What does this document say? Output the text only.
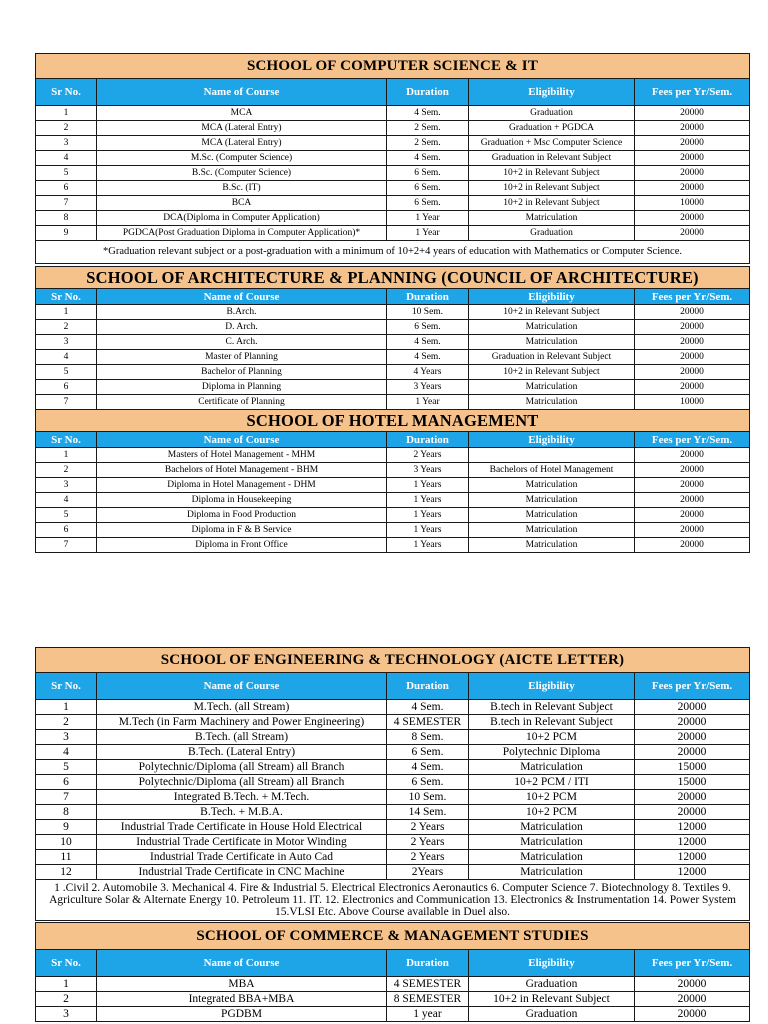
SCHOOL OF COMPUTER SCIENCE & IT				
Sr No.	Name of Course	Duration	Eligibility	Fees per Yr/Sem.
1	MCA	4 Sem.	Graduation	20000
2	MCA (Lateral Entry)	2 Sem.	Graduation + PGDCA	20000
3	MCA (Lateral Entry)	2 Sem.	Graduation + Msc Computer Science	20000
4	M.Sc. (Computer Science)	4 Sem.	Graduation in Relevant Subject	20000
5	B.Sc. (Computer Science)	6 Sem.	10+2 in Relevant Subject	20000
6	B.Sc. (IT)	6 Sem.	10+2 in Relevant Subject	20000
7	BCA	6 Sem.	10+2 in Relevant Subject	10000
8	DCA(Diploma in Computer Application)	1 Year	Matriculation	20000
9	PGDCA(Post Graduation Diploma in Computer Application)*	1 Year	Graduation	20000
*Graduation relevant subject or a post-graduation with a minimum of 10+2+4 years of education with Mathematics or Computer Science.				
SCHOOL OF ARCHITECTURE & PLANNING (COUNCIL OF ARCHITECTURE)				
Sr No.	Name of Course	Duration	Eligibility	Fees per Yr/Sem.
1	B.Arch.	10 Sem.	10+2 in Relevant Subject	20000
2	D. Arch.	6 Sem.	Matriculation	20000
3	C. Arch.	4 Sem.	Matriculation	20000
4	Master of Planning	4 Sem.	Graduation in Relevant Subject	20000
5	Bachelor of Planning	4 Years	10+2 in Relevant Subject	20000
6	Diploma in Planning	3 Years	Matriculation	20000
7	Certificate of Planning	1 Year	Matriculation	10000
SCHOOL OF HOTEL MANAGEMENT				
Sr No.	Name of Course	Duration	Eligibility	Fees per Yr/Sem.
1	Masters of Hotel Management - MHM	2 Years		20000
2	Bachelors of Hotel Management - BHM	3 Years	Bachelors of Hotel Management	20000
3	Diploma in Hotel Management - DHM	1 Years	Matriculation	20000
4	Diploma in Housekeeping	1 Years	Matriculation	20000
5	Diploma in Food Production	1 Years	Matriculation	20000
6	Diploma in F & B Service	1 Years	Matriculation	20000
7	Diploma in Front Office	1 Years	Matriculation	20000
SCHOOL OF ENGINEERING & TECHNOLOGY (AICTE LETTER)				
Sr No.	Name of Course	Duration	Eligibility	Fees per Yr/Sem.
1	M.Tech. (all Stream)	4 Sem.	B.tech in Relevant Subject	20000
2	M.Tech (in Farm Machinery and Power Engineering)	4 SEMESTER	B.tech in Relevant Subject	20000
3	B.Tech. (all Stream)	8 Sem.	10+2 PCM	20000
4	B.Tech. (Lateral Entry)	6 Sem.	Polytechnic Diploma	20000
5	Polytechnic/Diploma (all Stream) all Branch	4 Sem.	Matriculation	15000
6	Polytechnic/Diploma (all Stream) all Branch	6 Sem.	10+2 PCM / ITI	15000
7	Integrated B.Tech. + M.Tech.	10 Sem.	10+2 PCM	20000
8	B.Tech. + M.B.A.	14 Sem.	10+2 PCM	20000
9	Industrial Trade Certificate in House Hold Electrical	2 Years	Matriculation	12000
10	Industrial Trade Certificate in Motor Winding	2 Years	Matriculation	12000
11	Industrial Trade Certificate in Auto Cad	2 Years	Matriculation	12000
12	Industrial Trade Certificate in CNC Machine	2Years	Matriculation	12000
1 .Civil 2. Automobile 3. Mechanical 4. Fire & Industrial 5. Electrical Electronics Aeronautics 6. Computer Science 7. Biotechnology 8. Textiles 9. Agriculture Solar & Alternate Energy 10. Petroleum 11. IT. 12. Electronics and Communication 13. Electronics & Instrumentation 14. Power System 15.VLSI Etc. Above Course available in Duel also.				
SCHOOL OF COMMERCE & MANAGEMENT STUDIES				
Sr No.	Name of Course	Duration	Eligibility	Fees per Yr/Sem.
1	MBA	4 SEMESTER	Graduation	20000
2	Integrated BBA+MBA	8 SEMESTER	10+2 in Relevant Subject	20000
3	PGDBM	1 year	Graduation	20000
